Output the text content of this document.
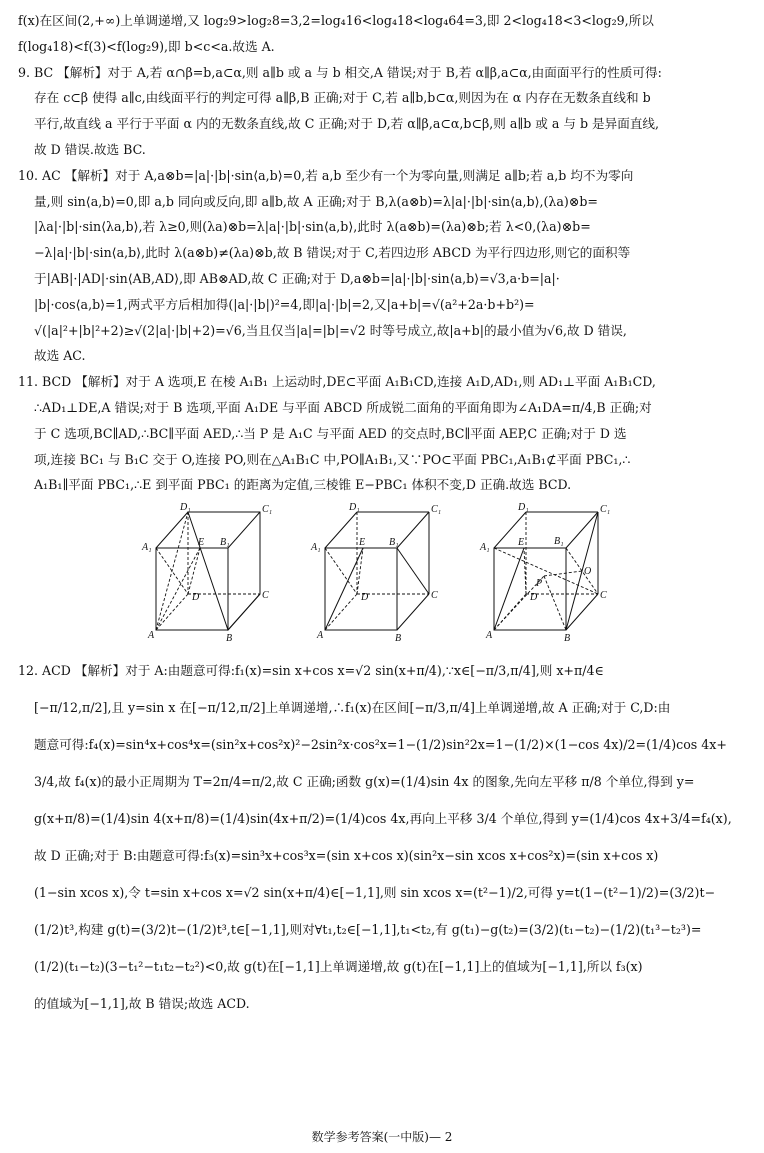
f(x)在区间(2,+∞)上单调递增,又 log₂9>log₂8=3,2=log₄16<log₄18<log₄64=3,即 2<log₄18<3<log₂9,所以

f(log₄18)<f(3)<f(log₂9),即 b<c<a.故选 A.

9. BC 【解析】对于 A,若 α∩β=b,a⊂α,则 a∥b 或 a 与 b 相交,A 错误;对于 B,若 α∥β,a⊂α,由面面平行的性质可得:

存在 c⊂β 使得 a∥c,由线面平行的判定可得 a∥β,B 正确;对于 C,若 a∥b,b⊂α,则因为在 α 内存在无数条直线和 b

平行,故直线 a 平行于平面 α 内的无数条直线,故 C 正确;对于 D,若 α∥β,a⊂α,b⊂β,则 a∥b 或 a 与 b 是异面直线,

故 D 错误.故选 BC.

10. AC 【解析】对于 A,a⊗b=|a|·|b|·sin⟨a,b⟩=0,若 a,b 至少有一个为零向量,则满足 a∥b;若 a,b 均不为零向

量,则 sin⟨a,b⟩=0,即 a,b 同向或反向,即 a∥b,故 A 正确;对于 B,λ(a⊗b)=λ|a|·|b|·sin⟨a,b⟩,(λa)⊗b=

|λa|·|b|·sin⟨λa,b⟩,若 λ≥0,则(λa)⊗b=λ|a|·|b|·sin⟨a,b⟩,此时 λ(a⊗b)=(λa)⊗b;若 λ<0,(λa)⊗b=

−λ|a|·|b|·sin⟨a,b⟩,此时 λ(a⊗b)≠(λa)⊗b,故 B 错误;对于 C,若四边形 ABCD 为平行四边形,则它的面积等

于|AB|·|AD|·sin⟨AB,AD⟩,即 AB⊗AD,故 C 正确;对于 D,a⊗b=|a|·|b|·sin⟨a,b⟩=√3,a·b=|a|·

|b|·cos⟨a,b⟩=1,两式平方后相加得(|a|·|b|)²=4,即|a|·|b|=2,又|a+b|=√(a²+2a·b+b²)=

√(|a|²+|b|²+2)≥√(2|a|·|b|+2)=√6,当且仅当|a|=|b|=√2 时等号成立,故|a+b|的最小值为√6,故 D 错误,

故选 AC.

11. BCD 【解析】对于 A 选项,E 在棱 A₁B₁ 上运动时,DE⊂平面 A₁B₁CD,连接 A₁D,AD₁,则 AD₁⊥平面 A₁B₁CD,

∴AD₁⊥DE,A 错误;对于 B 选项,平面 A₁DE 与平面 ABCD 所成锐二面角的平面角即为∠A₁DA=π/4,B 正确;对

于 C 选项,BC∥AD,∴BC∥平面 AED,∴当 P 是 A₁C 与平面 AED 的交点时,BC∥平面 AEP,C 正确;对于 D 选

项,连接 BC₁ 与 B₁C 交于 O,连接 PO,则在△A₁B₁C 中,PO∥A₁B₁,又∵PO⊂平面 PBC₁,A₁B₁⊄平面 PBC₁,∴

A₁B₁∥平面 PBC₁,∴E 到平面 PBC₁ 的距离为定值,三棱锥 E−PBC₁ 体积不变,D 正确.故选 BCD.

D₁	C₁
A₁	B₁
E
D	C
A	B
D₁	C₁
A₁	B₁
E
D	C
A	B
D₁	C₁
A₁
B₁
E
O
P
D	C
A	B

12. ACD 【解析】对于 A:由题意可得:f₁(x)=sin x+cos x=√2 sin(x+π/4),∵x∈[−π/3,π/4],则 x+π/4∈

[−π/12,π/2],且 y=sin x 在[−π/12,π/2]上单调递增,∴f₁(x)在区间[−π/3,π/4]上单调递增,故 A 正确;对于 C,D:由

题意可得:f₄(x)=sin⁴x+cos⁴x=(sin²x+cos²x)²−2sin²x·cos²x=1−(1/2)sin²2x=1−(1/2)×(1−cos 4x)/2=(1/4)cos 4x+

3/4,故 f₄(x)的最小正周期为 T=2π/4=π/2,故 C 正确;函数 g(x)=(1/4)sin 4x 的图象,先向左平移 π/8 个单位,得到 y=

g(x+π/8)=(1/4)sin 4(x+π/8)=(1/4)sin(4x+π/2)=(1/4)cos 4x,再向上平移 3/4 个单位,得到 y=(1/4)cos 4x+3/4=f₄(x),

故 D 正确;对于 B:由题意可得:f₃(x)=sin³x+cos³x=(sin x+cos x)(sin²x−sin xcos x+cos²x)=(sin x+cos x)

(1−sin xcos x),令 t=sin x+cos x=√2 sin(x+π/4)∈[−1,1],则 sin xcos x=(t²−1)/2,可得 y=t(1−(t²−1)/2)=(3/2)t−

(1/2)t³,构建 g(t)=(3/2)t−(1/2)t³,t∈[−1,1],则对∀t₁,t₂∈[−1,1],t₁<t₂,有 g(t₁)−g(t₂)=(3/2)(t₁−t₂)−(1/2)(t₁³−t₂³)=

(1/2)(t₁−t₂)(3−t₁²−t₁t₂−t₂²)<0,故 g(t)在[−1,1]上单调递增,故 g(t)在[−1,1]上的值域为[−1,1],所以 f₃(x)

的值域为[−1,1],故 B 错误;故选 ACD.

数学参考答案(一中版)— 2
